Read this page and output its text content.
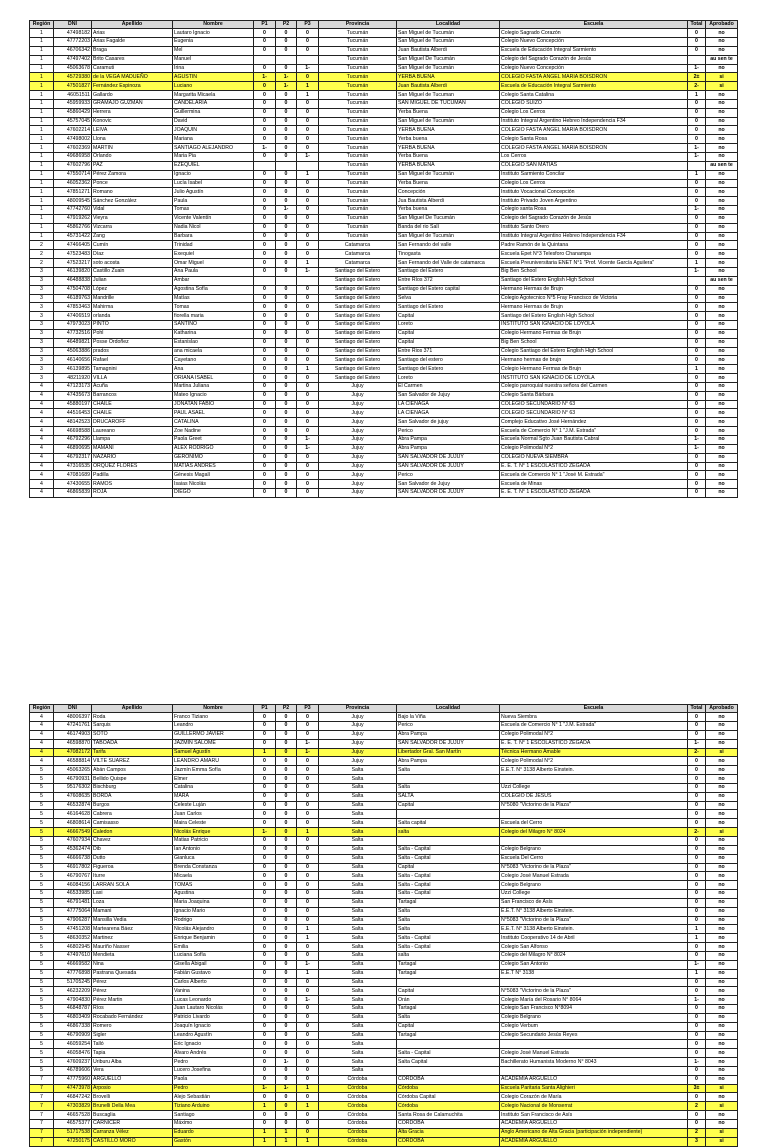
Región	DNI	Apellido	Nombre	P1	P2	P3	Provincia	Localidad	Escuela	Total	Aprobado
1	47498182	Arias	Lautaro Ignacio	0	0	0	Tucumán	San Miguel de Tucumán	Colegio Sagrado Corazón	0	no
1	47772203	Arias Fagalde	Eugenia	0	0	0	Tucumán	San Miguel de Tucumán	Colegio Nuevo Concepción	0	no
1	46706342	Braga	Mel	0	0	0	Tucumán	Juan Bautista Alberdi	Escuela de Educación Integral Sarmiento	0	no
1	47497402	Brito Casares	Manuel				Tucumán	San Miguel De Tucumán	Colegio del Sagrado Corazón de Jesús		au sen te
1	45063678	Caramuti	Irina	0	0	1-	Tucumán	San Miguel de Tucumán	Colegio Nuevo Concepción	1-	no
1	45729380	de la VEGA MADUEÑO	AGUSTIN	1-	1-	0	Tucumán	YERBA BUENA	COLEGIO FASTA ANGEL MARIA BOISDRON	2±	si
1	47501827	Fernández Espinoza	Luciano	0	1-	1	Tucumán	Juan Bautista Alberdi	Escuela de Educación Integral Sarmiento	2-	si
1	46051511	Gallardo	Margarita Micaela	0	0	1	Tucumán	San Miguel de Tucuman	Colegio Santa Catalina	1	no
1	45959933	GRAMAJO GUZMAN	CANDELARIA	0	0	0	Tucumán	SAN MIGUEL DE TUCUMAN	COLEGIO SUIZO	0	no
1	45860429	Herrera	Guillermina	0	0	0	Tucumán	Yerba Buena	Colegio Los Cerros	0	no
1	45757045	Konovic	David	0	0	0	Tucumán	San Miguel de Tucumán	Instituto Integral Argentino Hebreo Independencia F34	0	no
1	47602214	LEIVA	JOAQUIN	0	0	0	Tucumán	YERBA BUENA	COLEGIO FASTA ANGEL MARIA BOISDRON	0	no
1	47498002	Llona	Mariana	0	0	0	Tucumán	Yerba buena	Colegio Santa Rosa	0	no
1	47602369	MARTIN	SANTIAGO ALEJANDRO	1-	0	0	Tucumán	YERBA BUENA	COLEGIO FASTA ANGEL MARIA BOISDRON	1-	no
1	49686958	Orlando	Maria Pia	0	0	1-	Tucumán	Yerba Buena	Los Cerros	1-	no
1	47602796	PAZ	EZEQUIEL				Tucumán	YERBA BUENA	COLEGIO SAN MATIAS		au sen te
1	47550714	Pérez Zamora	Ignacio	0	0	1	Tucumán	San Miguel de Tucumán	Instituto Sarmiento Concilar	1	no
1	46052362	Ponce	Lucía Isabel	0	0	0	Tucumán	Yerba Buena	Colegio Los Cerros	0	no
1	47851271	Romano	Julio Agustín	0	0	0	Tucumán	Concepción	Instituto Vocacional Concepción	0	no
1	48009545	Sánchez González	Paula	0	0	0	Tucumán	Jua Bautista Alberdi	Instituto Privado Joven Argentino	0	no
1	47742760	Vidal	Tomas	0	1-	0	Tucumán	Yerba buena	Colegio santa Rosa	1-	no
1	47919262	Vieyra	Vicente Valentín	0	0	0	Tucumán	San Miguel De Tucumán	Colegio del Sagrado Corazón de Jesús	0	no
1	45862766	Vizcarra	Nadia Nicol	0	0	0	Tucumán	Banda del rio Salí	Instituto Santo Orero	0	no
1	45731422	Zang	Barbara	0	0	0	Tucumán	San Miguel de Tucumán	Instituto Integral Argentino Hebreo Independencia F34	0	no
2	47466405	Cumín	Trinidad	0	0	0	Catamarca	San Fernando del valle	Padre Ramón de la Quintana	0	no
2	47523483	Díaz	Exequiel	0	0	0	Catamarca	Tinogasta	Escuela Epet N°3 Telesforo Chanampa	0	no
2	47523217	soto acosta	Omar Miguel	0	0	1	Catamarca	San Fernando del Valle de catamarca	Escuela Preuniversitaria ENET N°1 "Prof. Vicente García Aguilera"	1	no
3	46139820	Castillo Zuain	Ana Paula	0	0	1-	Santiago del Estero	Santiago del Estero	Big Ben School	1-	no
3	46488838	Julian	Ambar				Santiago del Estero	Entre Ríos 372	Santiago del Estero English High School		au sen te
3	47504708	López	Agostina Sofía	0	0	0	Santiago del Estero	Santiago del Estero capital	Hermano Hermas de Brujn	0	no
3	46189763	Mandrille	Matías	0	0	0	Santiago del Estero	Selva	Colegio Agotecnico N°5 Fray Francisco de Victoria	0	no
3	47853463	Mahirma	Tomas	0	0	0	Santiago del Estero	Santiago del Estero	Hermano Hermas de Brujn	0	no
3	47406519	orlanda	fiorella maria	0	0	0	Santiago del Estero	Capital	Santiago del Estero English High School	0	no
3	47973023	PINTO	SANTINO	0	0	0	Santiago del Estero	Loreto	INSTITUTO SAN IGNACIO DE LOYOLA	0	no
3	47732516	Pohl	Katharina	0	0	0	Santiago del Estero	Capital	Colegio Hermano Fermas de Brujn	0	no
3	46489821	Posse Ordoñez	Estanislao	0	0	0	Santiago del Estero	Capital	Big Ben School	0	no
3	45063886	prados	ana micaela	0	0	0	Santiago del Estero	Entre Rios 371	Colegio Santiago del Estero English High School	0	no
3	46140656	Rafael	Cayetano	0	0	0	Santiago del Estero	Santiago del estero	Hermano hermas de brujn	0	no
3	46139895	Tamagnini	Ana	0	0	1	Santiago del Estero	Santiago del Estero	Colegio Hermano Fermas de Brujn	1	no
3	48211920	VILLA	ORIANA ISABEL	0	0	0	Santiago del Estero	Loreto	INSTITUTO SAN IGNACIO DE LOYOLA	0	no
4	47123173	Acuña	Martina Juliana	0	0	0	Jujuy	El Carmen	Colegio parroquial nuestra señora del Carmen	0	no
4	47435673	Barrancos	Mateo Ignacio	0	0	0	Jujuy	San Salvador de Jujuy	Colegio Santa Bárbara	0	no
4	45880197	CHAILE	JONATAN FABIO	0	0	0	Jujuy	LA CIENAGA	COLEGIO SECUNDARIO N° 63	0	no
4	44516453	CHAILE	PAUL ASAEL	0	0	0	Jujuy	LA CIENAGA	COLEGIO SECUNDARIO N° 63	0	no
4	48142523	DRUCAROFF	CATALINA	0	0	0	Jujuy	San Salvador de jujuy	Complejo Educativo José Hernández	0	no
4	46698588	Laureano	Zoe Nadine	0	0	0	Jujuy	Perico	Escuela de Comercio N° 1 "J.M. Estrada"	0	no
4	46792296	Llampa	Paola Greet	0	0	1-	Jujuy	Abra Pampa	Escuela Normal Sgto Juan Bautista Cabral	1-	no
4	46890695	MAMANI	ALEX RODRIGO	0	0	1-	Jujuy	Abra Pampa	Colegio Polimodal N°2	1-	no
4	46792317	NAZARIO	GERONIMO	0	0	0	Jujuy	SAN SALVADOR DE JUJUY	COLEGIO NUEVA SIEMBRA	0	no
4	47316535	ORQUEZ FLORES	MATIAS ANDRES	0	0	0	Jujuy	SAN SALVADOR DE JUJUY	E. E. T. N° 1 ESCOLASTICO ZEGADA	0	no
4	47081689	Padilla	Génesis Magalí	0	0	0	Jujuy	Perico	Escuela de Comercio N° 1 "José M. Estrada"	0	no
4	47430655	RAMOS	Isaias Nicolás	0	0	0	Jujuy	San Salvador de Jujuy	Escuela de Minas	0	no
4	46865839	ROJA	DIEGO	0	0	0	Jujuy	SAN SALVADOR DE JUJUY	E. E. T. N° 1 ESCOLASTICO ZEGADA	0	no
Región	DNI	Apellido	Nombre	P1	P2	P3	Provincia	Localidad	Escuela	Total	Aprobado
4	48006397	Roda	Franco Tiziano	0	0	0	Jujuy	Bajo la Viña	Nueva Siembra	0	no
4	47241761	Sarquis	Leandro	0	0	0	Jujuy	Perico	Escuela de Comercio N° 1 "J.M. Estrada"	0	no
4	46174903	SOTO	GUILLERMO JAVIER	0	0	0	Jujuy	Abra Pampa	Colegio Polimodal N°2	0	no
4	46598870	TABOADA	JAZMIN SALOME	0	0	1-	Jujuy	SAN SALVADOR DE JUJUY	E. E. T. N° 1 ESCOLASTICO ZEGADA	1-	no
4	47082172	Tarifa	Samuel Agustín	1	0	1-	Jujuy	Libertador Gral. San Martín	Técnica Hermano Amable	2-	si
4	46588814	VILTE SUAREZ	LEANDRO AMARU	0	0	0	Jujuy	Abra Pampa	Colegio Polimodal N°2	0	no
5	45063265	Abán Campos	Jazmín Emma Sofía	0	0	0	Salta	Salta	E.E.T. N° 3138 Alberto Einstein.	0	no
5	46790931	Bellido Quispe	Elmer	0	0	0	Salta			0	no
5	95176302	Bischburg	Catalina	0	0	0	Salta	Salta	Uzzi College	0	no
5	47608635	BORDA	MARA	0	0	0	Salta	SALTA	COLEGIO DE JESÚS	0	no
5	46532874	Burgos	Celeste Luján	0	0	0	Salta	Capital	N°5080 "Victorino de la Plaza"	0	no
5	46164628	Cabrera	Juan Carlos	0	0	0	Salta			0	no
5	46808614	Camisasso	Maira Celeste	0	0	0	Salta	Salta capital	Escuela del Cerro	0	no
5	46667549	Caledon	Nicolás Enrique	1-	0	1	Salta	salta	Colegio del Milagro N° 8024	2-	si
5	47607934	Chavez	Matias Patricio	0	0	0	Salta			0	no
5	45362474	Dib	Ian Antonio	0	0	0	Salta	Salta - Capital	Colegio Belgrano	0	no
5	46666738	Dutto	Gianluca	0	0	0	Salta	Salta - Capital	Escuela Del Cerro	0	no
5	46917802	Figueroa	Brenda Constanza	0	0	0	Salta	Capital	N°5083 "Victorino de la Plaza"	0	no
5	46790767	Iturre	Micaela	0	0	0	Salta	Salta - Capital	Colegio José Manuel Estrada	0	no
5	46084156	LARRAN SOLA	TOMAS	0	0	0	Salta	Salta - Capital	Colegio Belgrano	0	no
5	46533985	Laxi	Agustina	0	0	0	Salta	Salta - Capital	Uzzi College	0	no
5	46791481	Loza	Maria Joaquina	0	0	0	Salta	Tartagal	San Francisco de Asís	0	no
5	47775064	Mamani	Ignacio Mario	0	0	0	Salta	Salta	E.E.T. N° 3138 Alberto Einstein.	0	no
5	47906287	Mansilla Vedia	Rodrigo	0	0	0	Salta	Salta	N°5083 "Victorino de la Plaza"	0	no
5	47451208	Martearena Báez	Nicolás Alejandro	0	0	1	Salta	Salta	E.E.T. N° 3138 Alberto Einstein.	1	no
5	48630352	Martinez	Enrique Benjamin	0	0	1	Salta	Salta - Capital	Instituto Cooperativo 14 de Abril	1	no
5	46802945	Mauriño Nasser	Emilia	0	0	0	Salta	Salta - Capital	Colegio San Alfonso	0	no
5	47497610	Mendieta	Luciana Sofía	0	0	0	Salta	salta	Colegio del Milagro N° 8024	0	no
5	46669582	Nina	Gisella Abigail	0	0	1-	Salta	Tartagal	Colegio San Antonio	1-	no
5	47776898	Pastrana Quesada	Fabián Gustavo	0	0	1	Salta	Tartagal	E.E.T N° 3138	1	no
5	51705245	Pérez	Carlos Alberto	0	0	0	Salta			0	no
5	46232209	Pérez	Vanina	0	0	0	Salta	Capital	N°5083 "Victorino de la Plaza"	0	no
5	47904830	Pérez Martin	Lucas Leonardo	0	0	1-	Salta	Orán	Colegio María del Rosario N° 8064	1-	no
5	46848787	Ríos	Juan Lautaro Nicolás	0	0	0	Salta	Tartagal	Colegio San Francisco N°8094	0	no
5	46803409	Rocabado Fernández	Patricio Livardo	0	0	0	Salta	Salta	Colegio Belgrano	0	no
5	46867338	Romero	Joaquín Ignacio	0	0	0	Salta	Capital	Colegio Verbum	0	no
5	46790909	Sigler	Leandro Agustín	0	0	0	Salta	Tartagal	Colegio Secundario Jesús Reyes	0	no
5	46059254	Talló	Eric Ignacio	0	0	0	Salta			0	no
5	46058476	Tapia	Álvaro Andrés	0	0	0	Salta	Salta - Capital	Colegio José Manuel Estrada	0	no
5	47609237	Uriburu Alba	Pedro	0	1-	0	Salta	Salta Capital	Bachillerato Humanista Moderno N° 8043	1-	no
5	46789606	Vera	Lucero Josefina	0	0	0	Salta			0	no
7	47775960	ARGUELLO	Paola	0	0	0	Córdoba	CORDOBA	ACADEMIA ARGUELLO	0	no
7	47473978	Arposio	Pedro	1-	1-	1	Córdoba	Córdoba	Escuela Paritaria Santa Alighieri	3±	si
7	46847242	Brovelli	Alejo Sebastián	0	0	0	Córdoba	Córdoba Capital	Colegio Corazón de María	0	no
7	47303829	Brunelli Della Mea	Tiziano Arduino	1	0	1	Córdoba	Córdoba	Colegio Nacional de Monserrat	2	si
7	46657528	Buscaglia	Santiago	0	0	0	Córdoba	Santa Rosa de Calamuchita	Instituto San Francisco de Asís	0	no
7	46575377	CARNICER	Máximo	0	0	0	Córdoba	CORDOBA	ACADEMIA ARGUELLO	0	no
7	51717538	Carranza Vélez	Eduardo	1	1	0	Córdoba	Alta Gracia	Anglo Americano de Alta Gracia (participación independiente)	2	si
7	47250175	CASTILLO MORO	Gastón	1	1	1	Córdoba	CORDOBA	ACADEMIA ARGUELLO	3	si
